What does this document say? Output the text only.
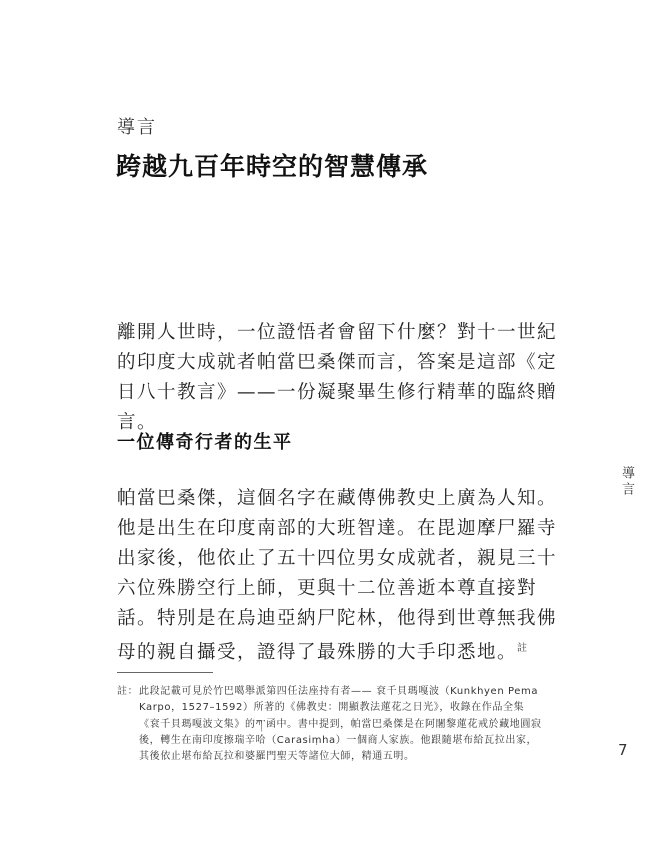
導言
跨越九百年時空的智慧傳承

離開人世時，一位證悟者會留下什麼？對十一世紀的印度大成就者帕當巴桑傑而言，答案是這部《定日八十教言》——一份凝聚畢生修行精華的臨終贈言。

一位傳奇行者的生平

帕當巴桑傑，這個名字在藏傳佛教史上廣為人知。他是出生在印度南部的大班智達。在毘迦摩尸羅寺出家後，他依止了五十四位男女成就者，親見三十六位殊勝空行上師，更與十二位善逝本尊直接對話。特別是在烏迪亞納尸陀林，他得到世尊無我佛母的親自攝受，證得了最殊勝的大手印悉地。$^註$

導言

註： 此段記載可見於竹巴噶舉派第四任法座持有者—— 袞千貝瑪嘎波（Kunkhyen Pema Karpo，1527–1592）所著的《佛教史：開顯教法蓮花之日光》，收錄在作品全集《袞千貝瑪嘎波文集》的ཀ་函中。書中提到，帕當巴桑傑是在阿闍黎蓮花戒於藏地圓寂後，轉生在南印度擦瑞辛哈（Carasiṃha）一個商人家族。他跟隨堪布給瓦拉出家，其後依止堪布給瓦拉和婆羅門聖天等諸位大師，精通五明。	7
